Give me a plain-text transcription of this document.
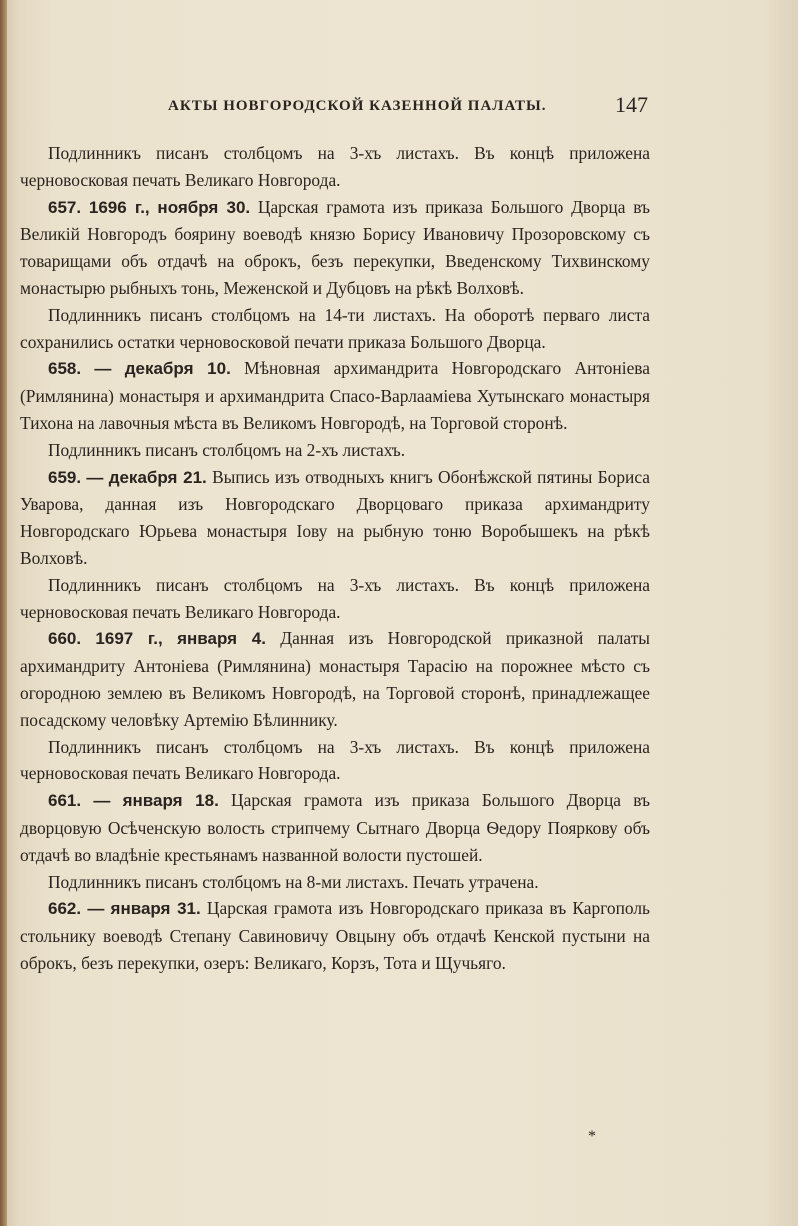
АКТЫ НОВГОРОДСКОЙ КАЗЕННОЙ ПАЛАТЫ.	147

Подлинникъ писанъ столбцомъ на 3-хъ листахъ. Въ концѣ приложена черновосковая печать Великаго Новгорода.

657. 1696 г., ноября 30. Царская грамота изъ приказа Большого Дворца въ Великій Новгородъ боярину воеводѣ князю Борису Ивановичу Прозоровскому съ товарищами объ отдачѣ на оброкъ, безъ перекупки, Введенскому Тихвинскому монастырю рыбныхъ тонь, Меженской и Дубцовъ на рѣкѣ Волховѣ.

Подлинникъ писанъ столбцомъ на 14-ти листахъ. На оборотѣ перваго листа сохранились остатки черновосковой печати приказа Большого Дворца.

658. — декабря 10. Мѣновная архимандрита Новгородскаго Антоніева (Римлянина) монастыря и архимандрита Спасо-Варлааміева Хутынскаго монастыря Тихона на лавочныя мѣста въ Великомъ Новгородѣ, на Торговой сторонѣ.

Подлинникъ писанъ столбцомъ на 2-хъ листахъ.

659. — декабря 21. Выпись изъ отводныхъ книгъ Обонѣжской пятины Бориса Уварова, данная изъ Новгородскаго Дворцоваго приказа архимандриту Новгородскаго Юрьева монастыря Іову на рыбную тоню Воробышекъ на рѣкѣ Волховѣ.

Подлинникъ писанъ столбцомъ на 3-хъ листахъ. Въ концѣ приложена черновосковая печать Великаго Новгорода.

660. 1697 г., января 4. Данная изъ Новгородской приказной палаты архимандриту Антоніева (Римлянина) монастыря Тарасію на порожнее мѣсто съ огородною землею въ Великомъ Новгородѣ, на Торговой сторонѣ, принадлежащее посадскому человѣку Артемію Бѣлиннику.

Подлинникъ писанъ столбцомъ на 3-хъ листахъ. Въ концѣ приложена черновосковая печать Великаго Новгорода.

661. — января 18. Царская грамота изъ приказа Большого Дворца въ дворцовую Осѣченскую волость стрипчему Сытнаго Дворца Ѳедору Пояркову объ отдачѣ во владѣніе крестьянамъ названной волости пустошей.

Подлинникъ писанъ столбцомъ на 8-ми листахъ. Печать утрачена.

662. — января 31. Царская грамота изъ Новгородскаго приказа въ Каргополь стольнику воеводѣ Степану Савиновичу Овцыну объ отдачѣ Кенской пустыни на оброкъ, безъ перекупки, озеръ: Великаго, Корзъ, Тота и Щучьяго.

*
